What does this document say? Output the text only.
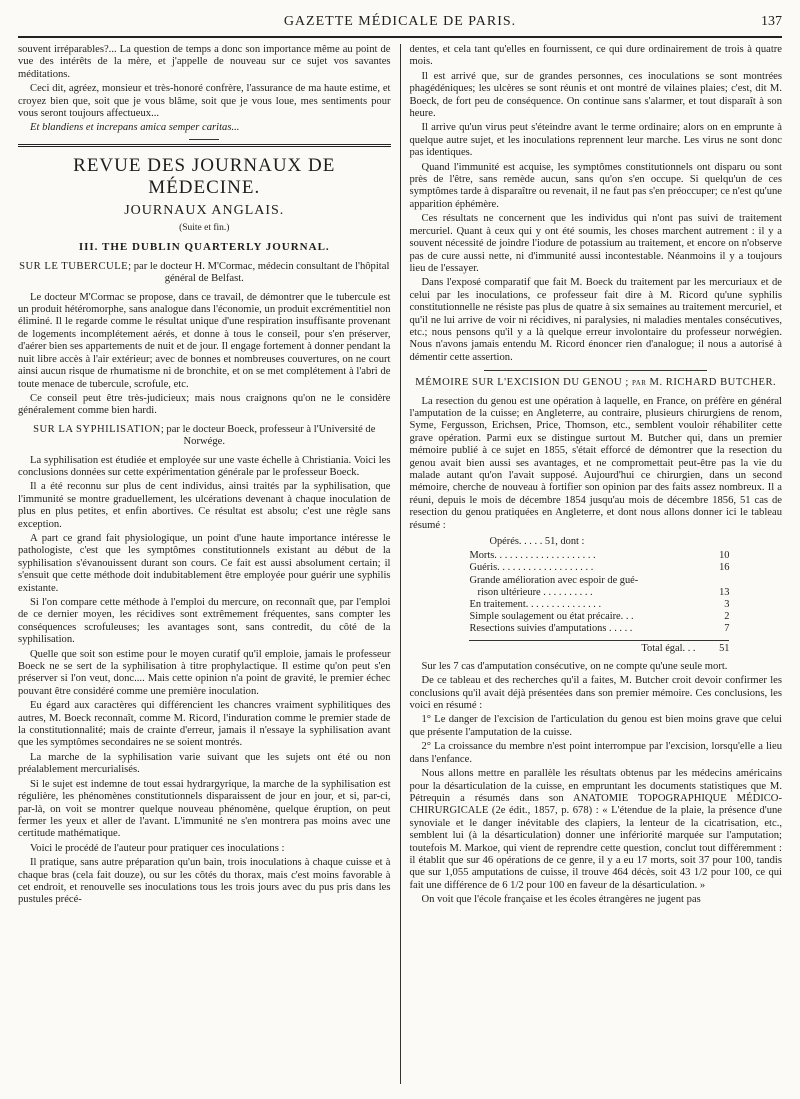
GAZETTE MÉDICALE DE PARIS.	137

souvent irréparables?... La question de temps a donc son importance même au point de vue des intérêts de la mère, et j'appelle de nouveau sur ce sujet vos savantes méditations.

Ceci dit, agréez, monsieur et très-honoré confrère, l'assurance de ma haute estime, et croyez bien que, soit que je vous blâme, soit que je vous loue, mes sentiments pour vous seront toujours affectueux...

Et blandiens et increpans amica semper caritas...
REVUE DES JOURNAUX DE MÉDECINE.
JOURNAUX ANGLAIS.
(Suite et fin.)
III. THE DUBLIN QUARTERLY JOURNAL.
SUR LE TUBERCULE; par le docteur H. M'Cormac, médecin consultant de l'hôpital général de Belfast.

Le docteur M'Cormac se propose, dans ce travail, de démontrer que le tubercule est un produit hétéromorphe, sans analogue dans l'économie, un produit excrémentitiel non éliminé. Il le regarde comme le résultat unique d'une respiration insuffisante provenant de logements incomplétement aérés, et donne à tous le conseil, pour s'en préserver, d'aérer bien ses appartements de nuit et de jour. Il engage fortement à donner pendant la nuit libre accès à l'air extérieur; avec de bonnes et nombreuses couvertures, on ne court ainsi aucun risque de rhumatisme ni de bronchite, et on se met complétement à l'abri de toute menace de tubercule, scrofule, etc.

Ce conseil peut être très-judicieux; mais nous craignons qu'on ne le considère généralement comme bien hardi.

SUR LA SYPHILISATION; par le docteur Boeck, professeur à l'Université de Norwége.

La syphilisation est étudiée et employée sur une vaste échelle à Christiania. Voici les conclusions données sur cette expérimentation générale par le professeur Boeck.

Il a été reconnu sur plus de cent individus, ainsi traités par la syphilisation, que l'immunité se montre graduellement, les ulcérations devenant à chaque inoculation de plus en plus petites, et enfin abortives. Ce résultat est absolu; c'est une règle sans exception.

A part ce grand fait physiologique, un point d'une haute importance intéresse le pathologiste, c'est que les symptômes constitutionnels existant au début de la syphilisation s'évanouissent durant son cours. Ce fait est aussi absolument certain; il s'ensuit que cette méthode doit indubitablement être employée pour guérir une syphilis existante.

Si l'on compare cette méthode à l'emploi du mercure, on reconnaît que, par l'emploi de ce dernier moyen, les récidives sont extrêmement fréquentes, sans compter les conséquences scrofuleuses; les avantages sont, sans contredit, du côté de la syphilisation.

Quelle que soit son estime pour le moyen curatif qu'il emploie, jamais le professeur Boeck ne se sert de la syphilisation à titre prophylactique. Il estime qu'on peut s'en préserver si l'on veut, donc.... Mais cette opinion n'a point de gravité, le premier échec pouvant être considéré comme une première inoculation.

Eu égard aux caractères qui différencient les chancres vraiment syphilitiques des autres, M. Boeck reconnaît, comme M. Ricord, l'induration comme le premier stade de la constitutionnalité; mais de crainte d'erreur, jamais il n'essaye la syphilisation avant que les symptômes secondaires ne se soient montrés.

La marche de la syphilisation varie suivant que les sujets ont été ou non préalablement mercurialisés.

Si le sujet est indemne de tout essai hydrargyrique, la marche de la syphilisation est régulière, les phénomènes constitutionnels disparaissent de jour en jour, et si, par-ci, par-là, on voit se montrer quelque nouveau phénomène, quelque éruption, on peut fermer les yeux et aller de l'avant. L'immunité ne s'en montrera pas moins avec une certitude mathématique.

Voici le procédé de l'auteur pour pratiquer ces inoculations :

Il pratique, sans autre préparation qu'un bain, trois inoculations à chaque cuisse et à chaque bras (cela fait douze), ou sur les côtés du thorax, mais c'est moins favorable à cet endroit, et renouvelle ses inoculations tous les trois jours avec du pus pris dans les pustules précé-

dentes, et cela tant qu'elles en fournissent, ce qui dure ordinairement de trois à quatre mois.

Il est arrivé que, sur de grandes personnes, ces inoculations se sont montrées phagédéniques; les ulcères se sont réunis et ont montré de vilaines plaies; c'est, dit M. Boeck, de fort peu de conséquence. On continue sans s'alarmer, et tout disparaît à son heure.

Il arrive qu'un virus peut s'éteindre avant le terme ordinaire; alors on en emprunte à quelque autre sujet, et les inoculations reprennent leur marche. Les virus ne sont donc pas identiques.

Quand l'immunité est acquise, les symptômes constitutionnels ont disparu ou sont près de l'être, sans remède aucun, sans qu'on s'en occupe. Si quelqu'un de ces symptômes tarde à disparaître ou revenait, il ne faut pas s'en préoccuper; ce n'est qu'une apparition éphémère.

Ces résultats ne concernent que les individus qui n'ont pas suivi de traitement mercuriel. Quant à ceux qui y ont été soumis, les choses marchent autrement : il y a souvent nécessité de joindre l'iodure de potassium au traitement, et encore on n'observe pas de cure aussi nette, ni d'immunité aussi incontestable. Néanmoins il y a toujours lieu de l'essayer.

Dans l'exposé comparatif que fait M. Boeck du traitement par les mercuriaux et de celui par les inoculations, ce professeur fait dire à M. Ricord qu'une syphilis constitutionnelle ne résiste pas plus de quatre à six semaines au traitement mercuriel, et qu'il ne lui arrive de voir ni récidives, ni paralysies, ni maladies mentales consécutives, etc.; nous pensons qu'il y a là quelque erreur involontaire du professeur norwégien. Nous n'avons jamais entendu M. Ricord énoncer rien d'analogue; il nous a autorisé à démentir cette assertion.

MÉMOIRE SUR L'EXCISION DU GENOU ; par M. RICHARD BUTCHER.

La resection du genou est une opération à laquelle, en France, on préfère en général l'amputation de la cuisse; en Angleterre, au contraire, plusieurs chirurgiens de renom, Syme, Fergusson, Erichsen, Price, Thomson, etc., semblent vouloir réhabiliter cette grave opération. Parmi eux se distingue surtout M. Butcher qui, dans un premier mémoire publié à ce sujet en 1855, s'était efforcé de démontrer que la resection du genou avait bien aussi ses avantages, et ne compromettait peut-être pas la vie du malade autant qu'on l'avait supposé. Aujourd'hui ce chirurgien, dans un second mémoire, cherche de nouveau à fortifier son opinion par des faits assez nombreux. Il a réuni, depuis le mois de décembre 1854 jusqu'au mois de décembre 1856, 51 cas de resection du genou pratiquées en Angleterre, et dont nous allons donner ici le tableau résumé :

Opérés. . . . . 51, dont :
Morts. . . . . . . . . . . . . . . . . . . .	10
Guéris. . . . . . . . . . . . . . . . . . .	16
Grande amélioration avec espoir de gué-
rison ultérieure . . . . . . . . . .	13
En traitement. . . . . . . . . . . . . . .	3
Simple soulagement ou état précaire. . .	2
Resections suivies d'amputations . . . . .	7
Total égal. . .	51

Sur les 7 cas d'amputation consécutive, on ne compte qu'une seule mort.

De ce tableau et des recherches qu'il a faites, M. Butcher croit devoir confirmer les conclusions qu'il avait déjà présentées dans son premier mémoire. Ces conclusions, les voici en résumé :

1° Le danger de l'excision de l'articulation du genou est bien moins grave que celui que présente l'amputation de la cuisse.

2° La croissance du membre n'est point interrompue par l'excision, lorsqu'elle a lieu dans l'enfance.

Nous allons mettre en parallèle les résultats obtenus par les médecins américains pour la désarticulation de la cuisse, en empruntant les documents statistiques que M. Pétrequin a résumés dans son ANATOMIE TOPOGRAPHIQUE MÉDICO-CHIRURGICALE (2e édit., 1857, p. 678) : « L'étendue de la plaie, la présence d'une synoviale et le danger inévitable des clapiers, la lenteur de la cicatrisation, etc., semblent lui (à la désarticulation) donner une infériorité marquée sur l'amputation; toutefois M. Markoe, qui vient de reprendre cette question, conclut tout différemment : il établit que sur 46 opérations de ce genre, il y a eu 17 morts, soit 37 pour 100, tandis que sur 1,055 amputations de cuisse, il trouve 464 décès, soit 43 1/2 pour 100, ce qui fait une différence de 6 1/2 pour 100 en faveur de la désarticulation. »

On voit que l'école française et les écoles étrangères ne jugent pas
